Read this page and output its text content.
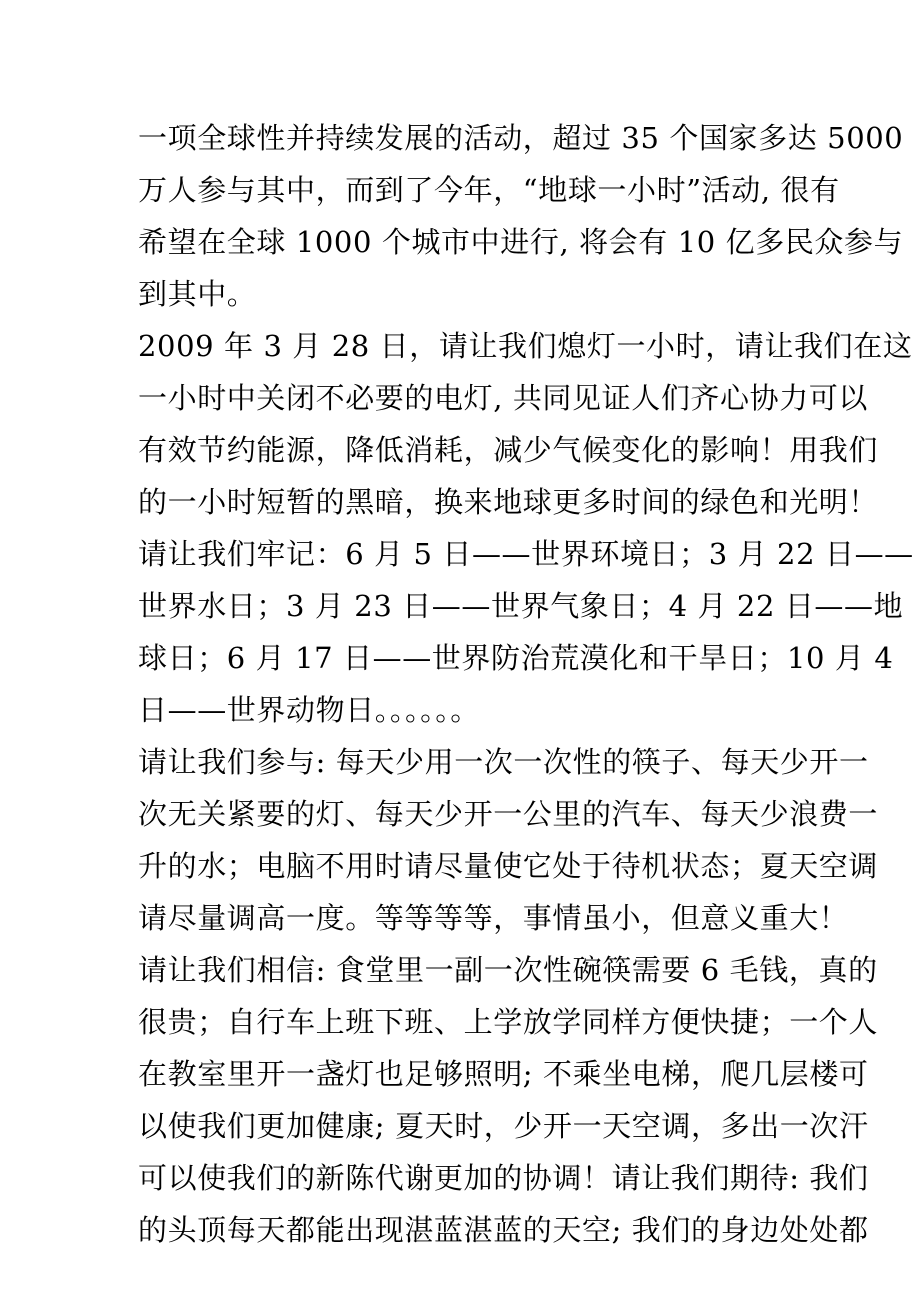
一项全球性并持续发展的活动，超过 35 个国家多达 5000
万人参与其中，而到了今年，“地球一小时”活动, 很有
希望在全球 1000 个城市中进行, 将会有 10 亿多民众参与
到其中。
2009 年 3 月 28 日，请让我们熄灯一小时，请让我们在这
一小时中关闭不必要的电灯, 共同见证人们齐心协力可以
有效节约能源，降低消耗，减少气候变化的影响！用我们
的一小时短暂的黑暗，换来地球更多时间的绿色和光明！
请让我们牢记：6 月 5 日——世界环境日；3 月 22 日——
世界水日；3 月 23 日——世界气象日；4 月 22 日——地
球日；6 月 17 日——世界防治荒漠化和干旱日；10 月 4
日——世界动物日。。。。。。
请让我们参与: 每天少用一次一次性的筷子、每天少开一
次无关紧要的灯、每天少开一公里的汽车、每天少浪费一
升的水；电脑不用时请尽量使它处于待机状态；夏天空调
请尽量调高一度。等等等等，事情虽小，但意义重大！
请让我们相信: 食堂里一副一次性碗筷需要 6 毛钱，真的
很贵；自行车上班下班、上学放学同样方便快捷；一个人
在教室里开一盏灯也足够照明; 不乘坐电梯，爬几层楼可
以使我们更加健康; 夏天时，少开一天空调，多出一次汗
可以使我们的新陈代谢更加的协调！请让我们期待: 我们
的头顶每天都能出现湛蓝湛蓝的天空; 我们的身边处处都
